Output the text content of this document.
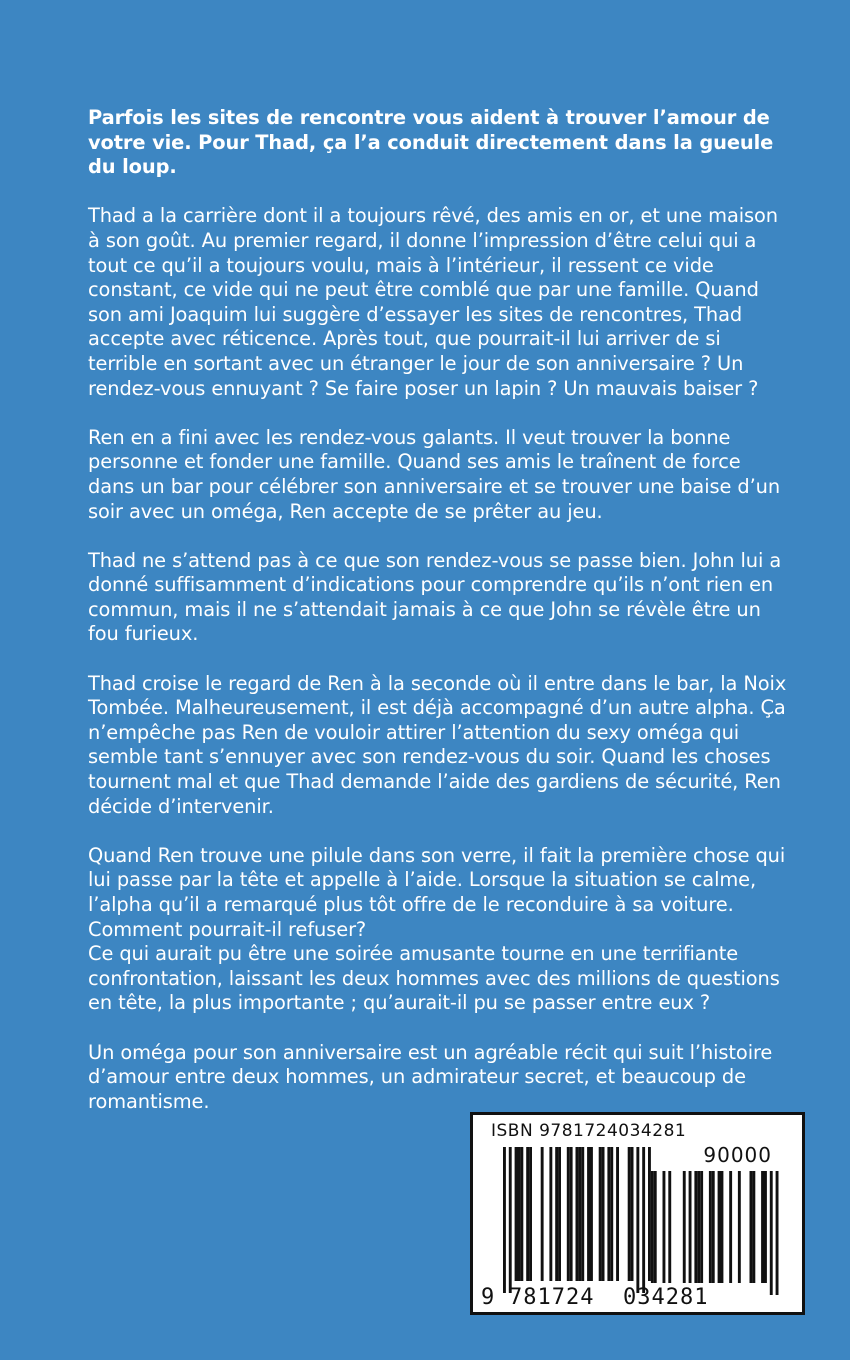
Parfois les sites de rencontre vous aident à trouver l’amour de votre vie. Pour Thad, ça l’a conduit directement dans la gueule du loup.

Thad a la carrière dont il a toujours rêvé, des amis en or, et une maison à son goût. Au premier regard, il donne l’impression d’être celui qui a tout ce qu’il a toujours voulu, mais à l’intérieur, il ressent ce vide constant, ce vide qui ne peut être comblé que par une famille. Quand son ami Joaquim lui suggère d’essayer les sites de rencontres, Thad accepte avec réticence. Après tout, que pourrait-il lui arriver de si terrible en sortant avec un étranger le jour de son anniversaire ? Un rendez-vous ennuyant ? Se faire poser un lapin ? Un mauvais baiser ?

Ren en a fini avec les rendez-vous galants. Il veut trouver la bonne personne et fonder une famille. Quand ses amis le traînent de force dans un bar pour célébrer son anniversaire et se trouver une baise d’un soir avec un oméga, Ren accepte de se prêter au jeu.

Thad ne s’attend pas à ce que son rendez-vous se passe bien. John lui a donné suffisamment d’indications pour comprendre qu’ils n’ont rien en commun, mais il ne s’attendait jamais à ce que John se révèle être un fou furieux.

Thad croise le regard de Ren à la seconde où il entre dans le bar, la Noix Tombée. Malheureusement, il est déjà accompagné d’un autre alpha. Ça n’empêche pas Ren de vouloir attirer l’attention du sexy oméga qui semble tant s’ennuyer avec son rendez-vous du soir. Quand les choses tournent mal et que Thad demande l’aide des gardiens de sécurité, Ren décide d’intervenir.

Quand Ren trouve une pilule dans son verre, il fait la première chose qui lui passe par la tête et appelle à l’aide. Lorsque la situation se calme, l’alpha qu’il a remarqué plus tôt offre de le reconduire à sa voiture. Comment pourrait-il refuser?

Ce qui aurait pu être une soirée amusante tourne en une terrifiante confrontation, laissant les deux hommes avec des millions de questions en tête, la plus importante ; qu’aurait-il pu se passer entre eux ?

Un oméga pour son anniversaire est un agréable récit qui suit l’histoire d’amour entre deux hommes, un admirateur secret, et beaucoup de romantisme.

ISBN 9781724034281
90000
9 781724 034281
